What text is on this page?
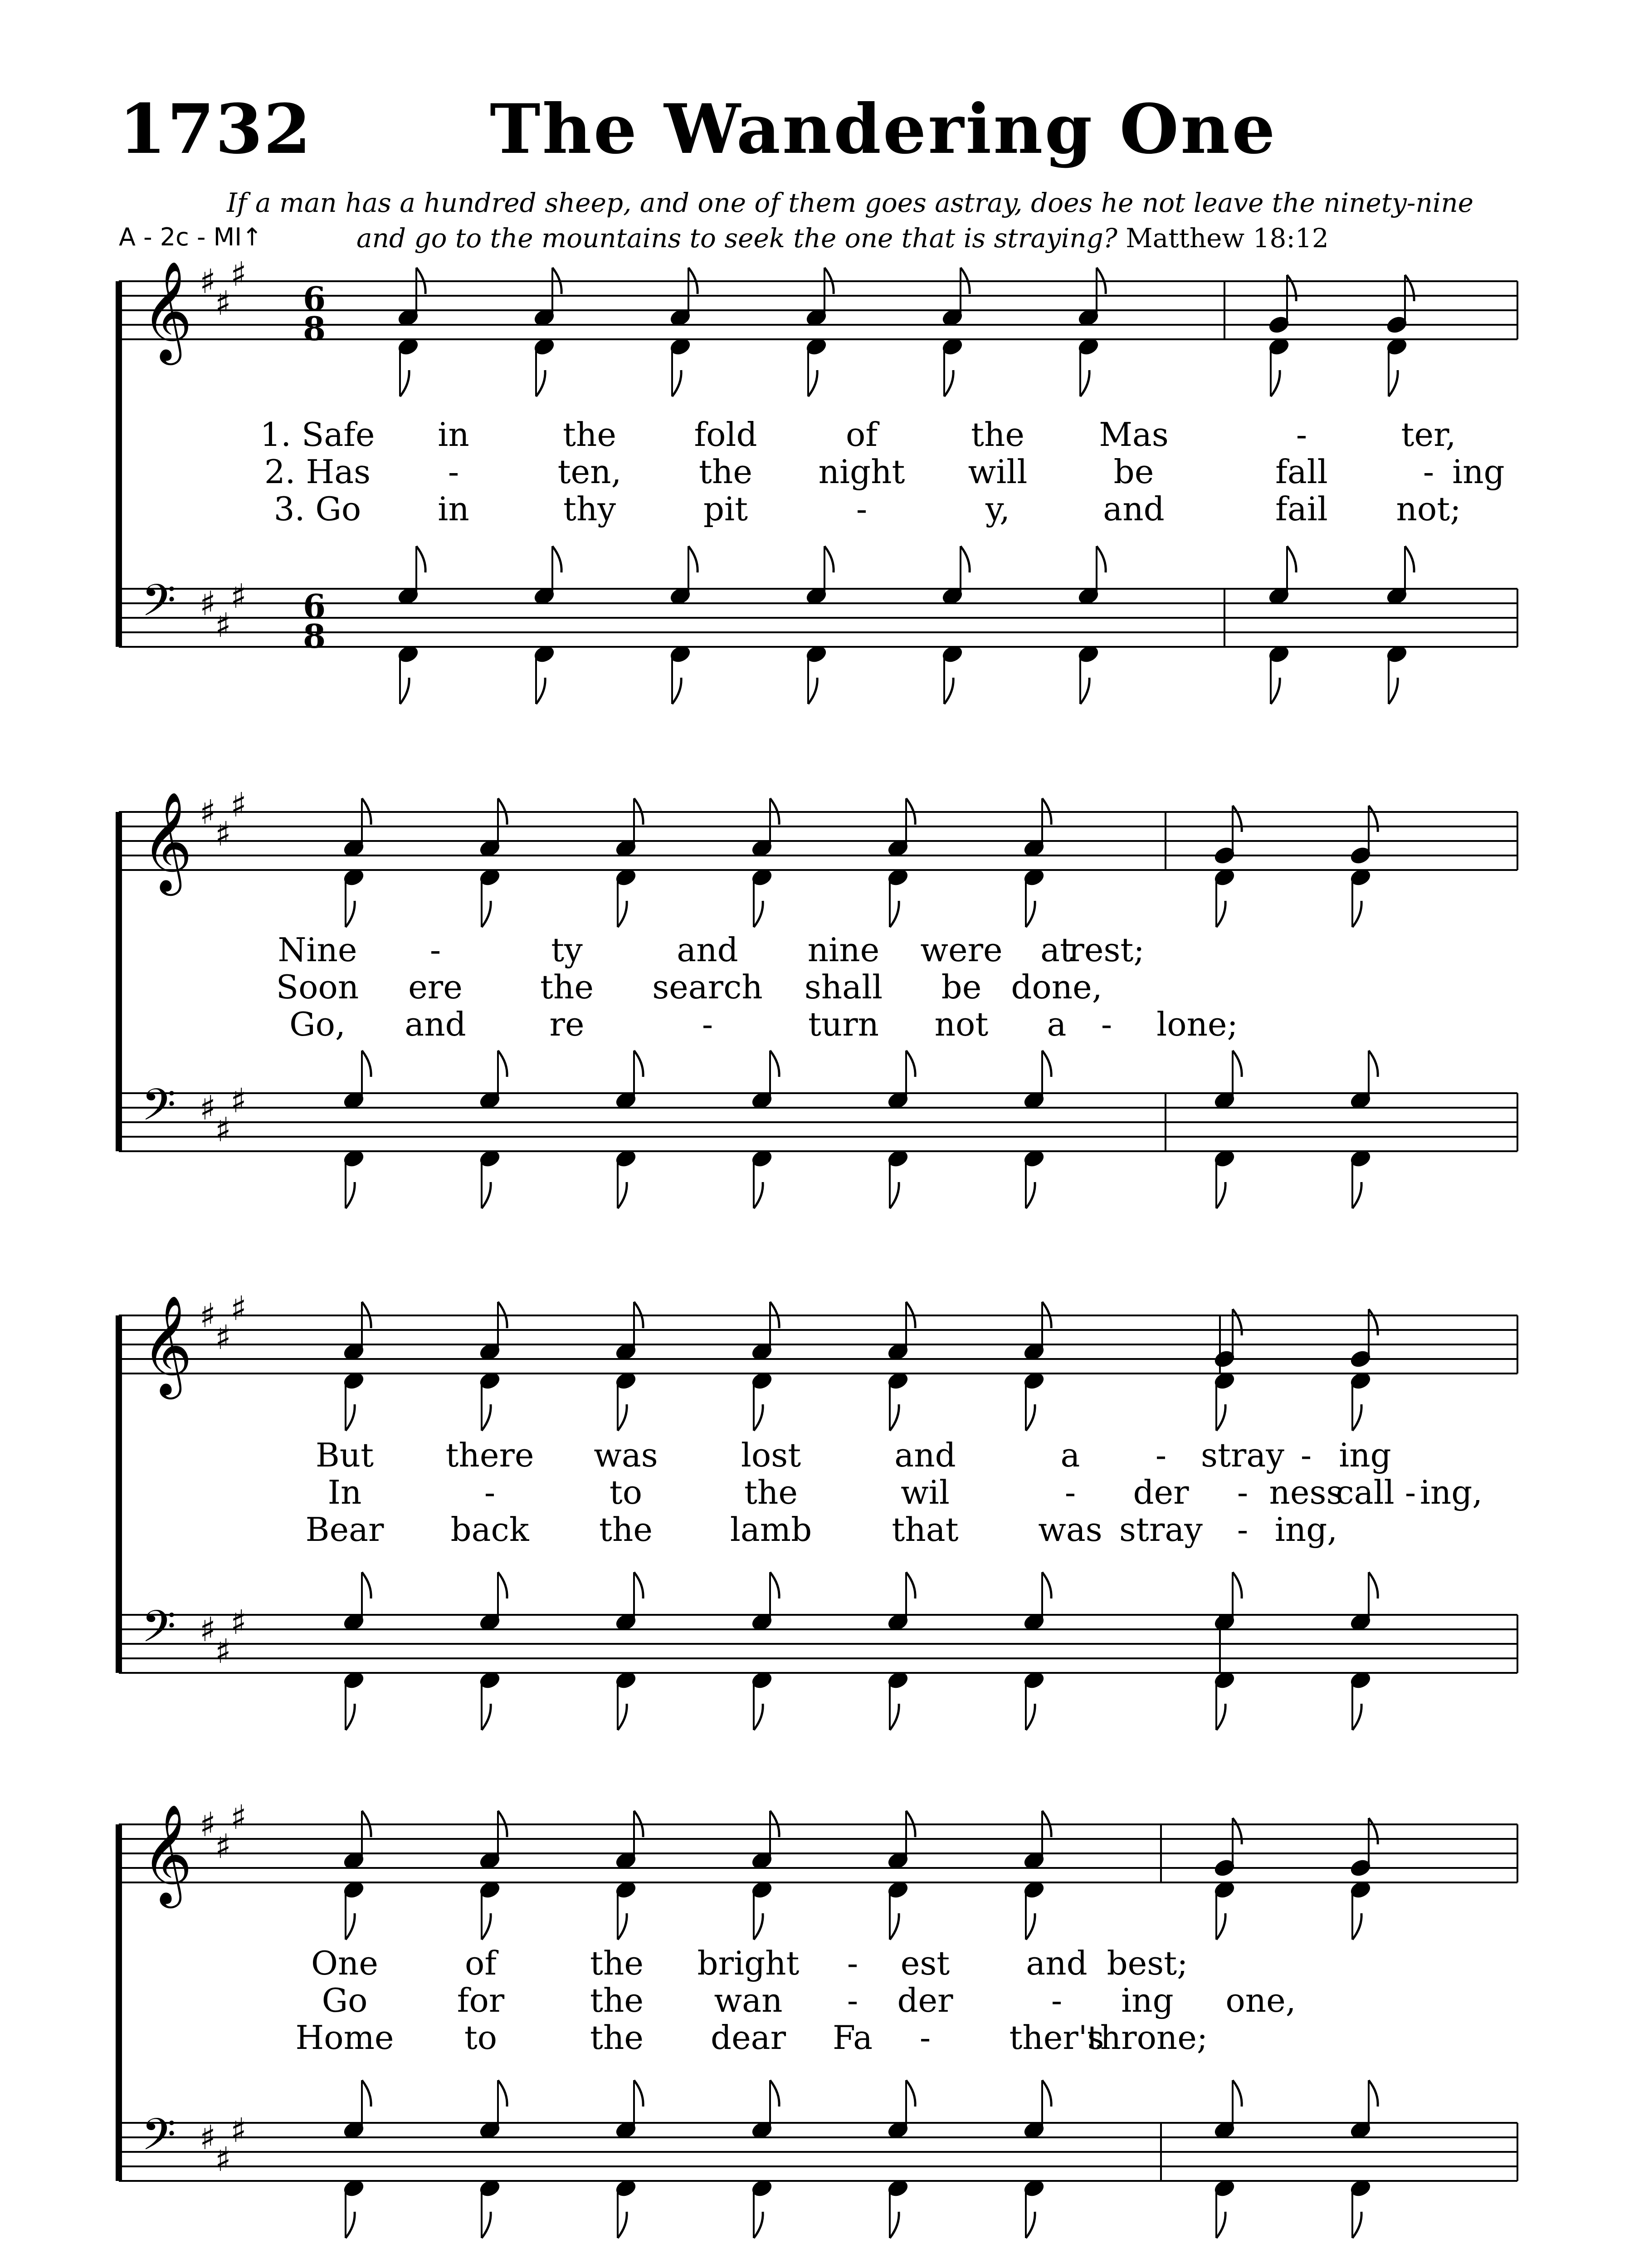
1732	The Wandering One
If a man has a hundred sheep, and one of them goes astray, does he not leave the ninety-nine
and go to the mountains to seek the one that is straying? Matthew 18:12
A - 2c - MI↑
𝄞
𝄢
♯
♯
♯
♯
♯
♯
6
8
6
8
𝄞
𝄢
♯
♯
♯
♯
♯
♯
𝄞
𝄢
♯
♯
♯
♯
♯
♯
𝄞
𝄢
♯
♯
♯
♯
♯
♯
1. Safe in	the fold	of	the Mas	-	ter,
2. Has -	ten, the night will	be	fall	- ing
3. Go in	thy	pit	-	y,	and	fail not;
Nine -	ty	and nine were at
rest;
Soon ere the search shall be done,
Go, and	re	-	turn not a - lone;
But there was	lost	and	a - stray - ing
In	-	to	the	wil	- der - ness
call - ing,
Bear back the lamb that was stray - ing,
One	of	the bright - est and best;
Go	for	the wan - der	- ing one,
Home to	the dear Fa - ther's
throne;
